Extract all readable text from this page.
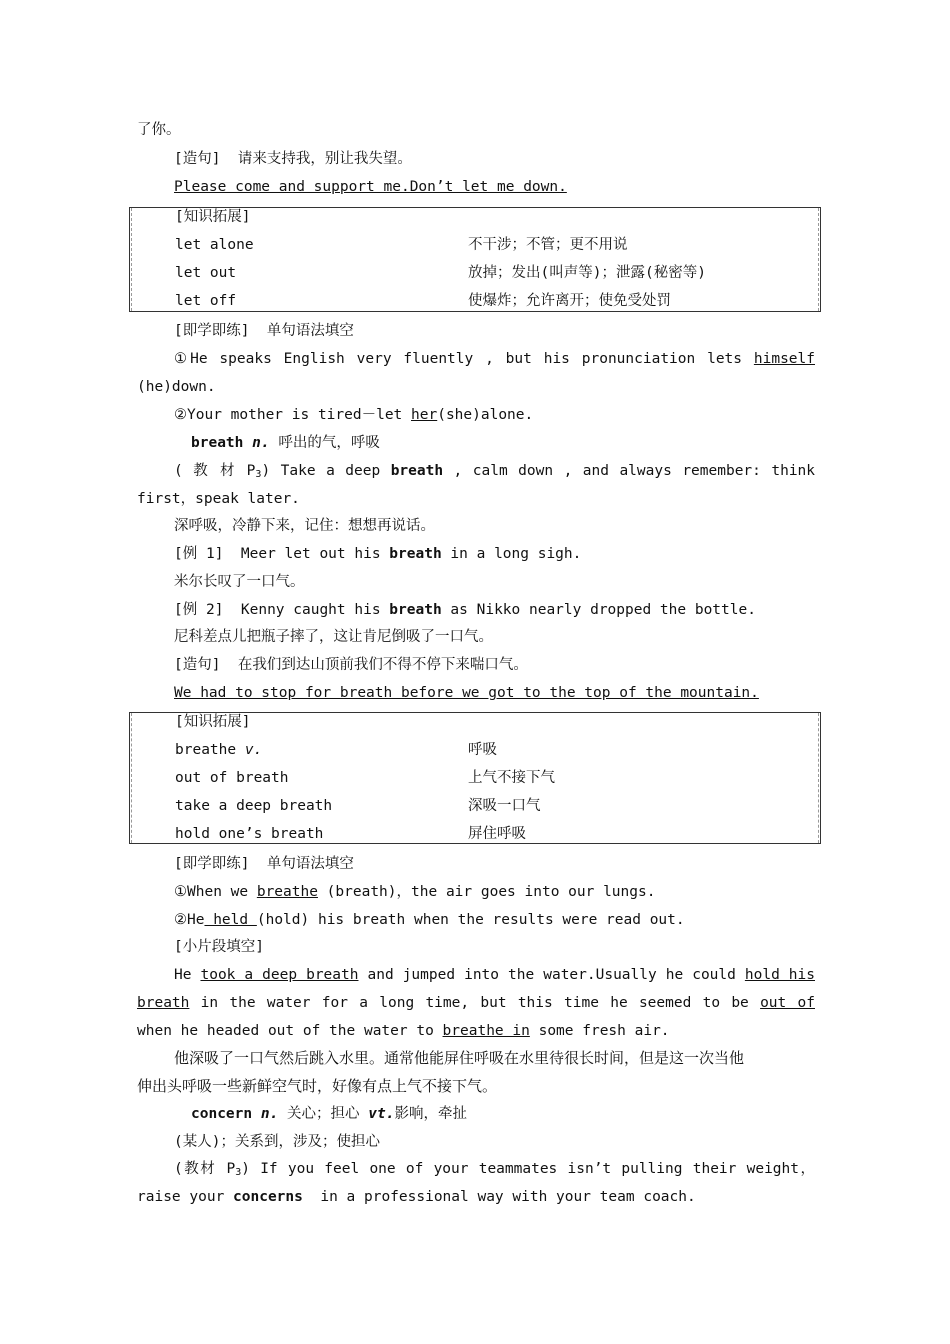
了你。
[造句]  请来支持我，别让我失望。
Please come and support me.Don’t let me down.
[知识拓展]
let alone	不干涉；不管；更不用说
let out	放掉；发出(叫声等)；泄露(秘密等)
let off	使爆炸；允许离开；使免受处罚
[即学即练]  单句语法填空
①He speaks English very fluently , but his pronunciation lets himself
(he)down.
②Your mother is tired－let her(she)alone.
breath n. 呼出的气，呼吸
( 教 材 $P_3$) Take a deep breath , calm down , and always remember: think
first，speak later.
深呼吸，冷静下来，记住：想想再说话。
[例 1]  Meer let out his breath in a long sigh.
米尔长叹了一口气。
[例 2]  Kenny caught his breath as Nikko nearly dropped the bottle.
尼科差点儿把瓶子摔了，这让肯尼倒吸了一口气。
[造句]  在我们到达山顶前我们不得不停下来喘口气。
We had to stop for breath before we got to the top of the mountain.
[知识拓展]
breathe v.	呼吸
out of breath	上气不接下气
take a deep breath	深吸一口气
hold one’s breath	屏住呼吸
[即学即练]  单句语法填空
①When we breathe (breath)，the air goes into our lungs.
②He held (hold) his breath when the results were read out.
[小片段填空]
He took a deep breath and jumped into the water.Usually he could hold his
breath in the water for a long time, but this time he seemed to be out of
when he headed out of the water to breathe in some fresh air.
他深吸了一口气然后跳入水里。通常他能屏住呼吸在水里待很长时间，但是这一次当他
伸出头呼吸一些新鲜空气时，好像有点上气不接下气。
concern n. 关心；担心 vt.影响，牵扯
(某人)；关系到，涉及；使担心
(教材 $P_3$) If you feel one of your teammates isn’t pulling their weight，
raise your concerns  in a professional way with your team coach.
